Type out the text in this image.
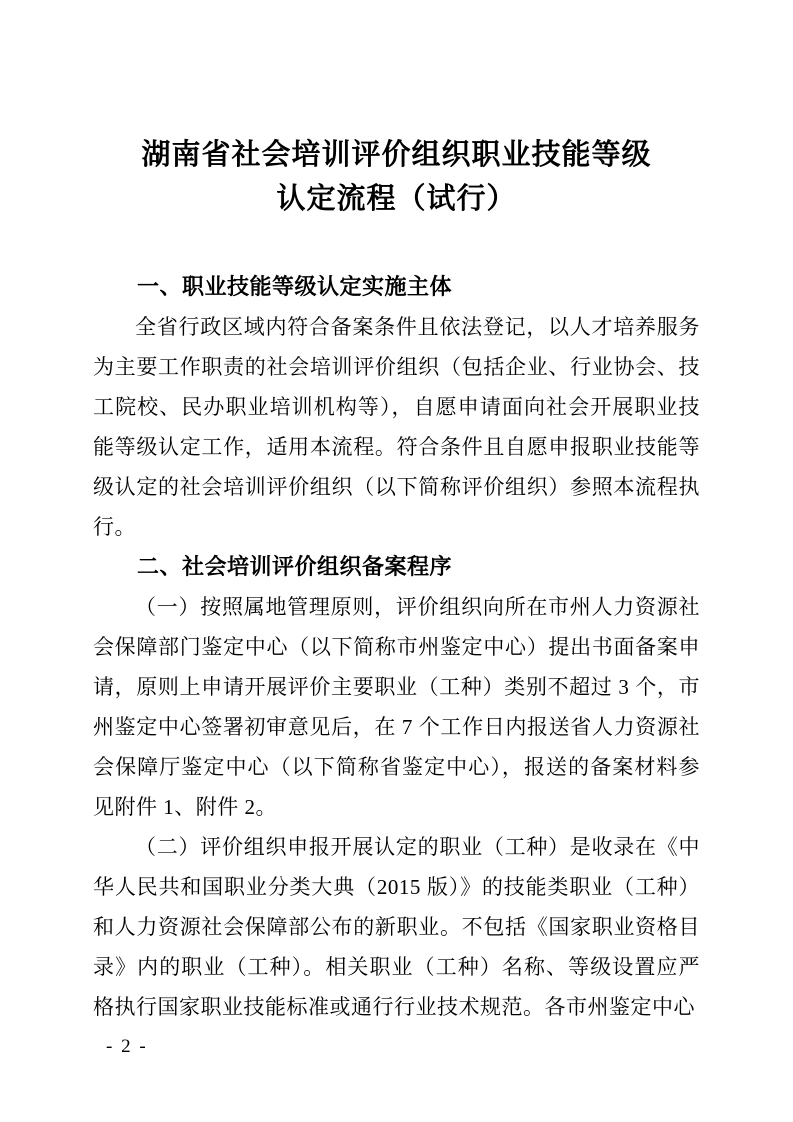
湖南省社会培训评价组织职业技能等级
认定流程（试行）
一、职业技能等级认定实施主体

全省行政区域内符合备案条件且依法登记，以人才培养服务为主要工作职责的社会培训评价组织（包括企业、行业协会、技工院校、民办职业培训机构等），自愿申请面向社会开展职业技能等级认定工作，适用本流程。符合条件且自愿申报职业技能等级认定的社会培训评价组织（以下简称评价组织）参照本流程执行。

二、社会培训评价组织备案程序

（一）按照属地管理原则，评价组织向所在市州人力资源社会保障部门鉴定中心（以下简称市州鉴定中心）提出书面备案申请，原则上申请开展评价主要职业（工种）类别不超过 3 个，市州鉴定中心签署初审意见后，在 7 个工作日内报送省人力资源社会保障厅鉴定中心（以下简称省鉴定中心），报送的备案材料参见附件 1、附件 2。

（二）评价组织申报开展认定的职业（工种）是收录在《中华人民共和国职业分类大典（2015 版）》的技能类职业（工种）和人力资源社会保障部公布的新职业。不包括《国家职业资格目录》内的职业（工种）。相关职业（工种）名称、等级设置应严格执行国家职业技能标准或通行行业技术规范。各市州鉴定中心

- 2 -
